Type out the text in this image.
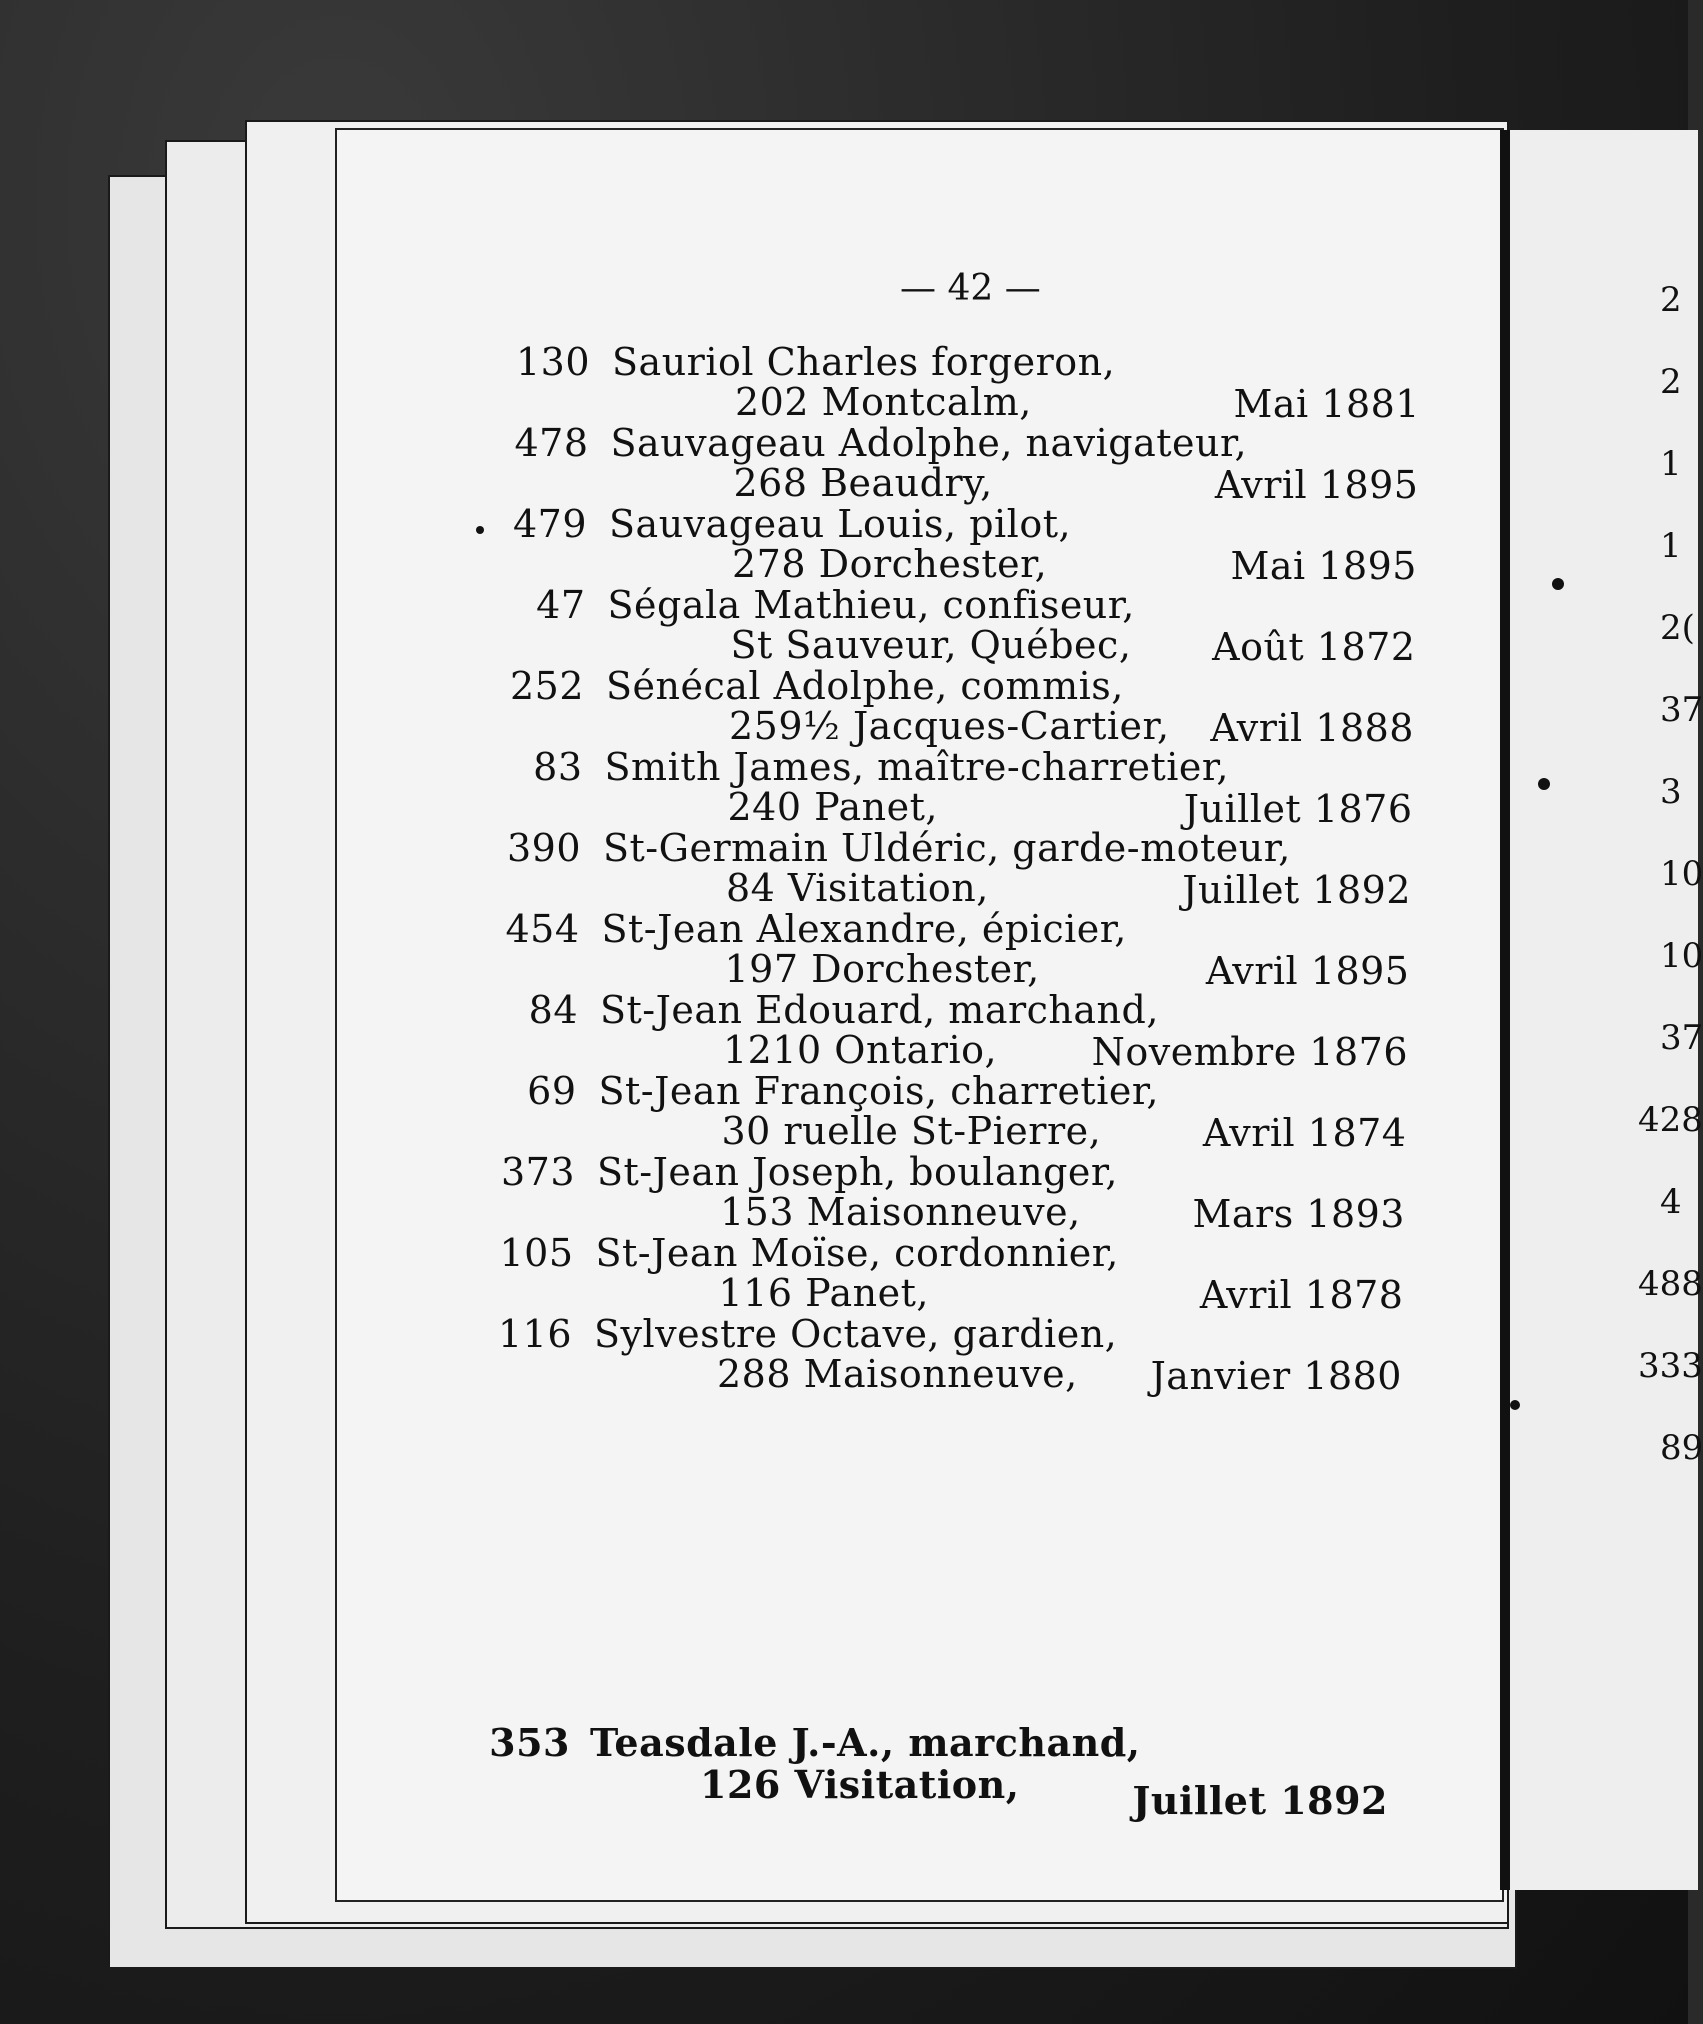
2
2
1
1
2(
37
3
10
10
37
428
4
488
333
89
— 42 —
130 Sauriol Charles forgeron,
202 Montcalm,	Mai 1881
478 Sauvageau Adolphe, navigateur,
268 Beaudry,	Avril 1895
479 Sauvageau Louis, pilot,
278 Dorchester,	Mai 1895
47 Ségala Mathieu, confiseur,
St Sauveur, Québec,	Août 1872
252 Sénécal Adolphe, commis,
259½ Jacques-Cartier,	Avril 1888
83 Smith James, maître-charretier,
240 Panet,	Juillet 1876
390 St-Germain Uldéric, garde-moteur,
84 Visitation,	Juillet 1892
454 St-Jean Alexandre, épicier,
197 Dorchester,	Avril 1895
84 St-Jean Edouard, marchand,
1210 Ontario, Novembre 1876
69 St-Jean François, charretier,
30 ruelle St-Pierre,	Avril 1874
373 St-Jean Joseph, boulanger,
153 Maisonneuve,	Mars 1893
105 St-Jean Moïse, cordonnier,
116 Panet,	Avril 1878
116 Sylvestre Octave, gardien,
288 Maisonneuve,	Janvier 1880
353 Teasdale J.-A., marchand,
126 Visitation,	Juillet 1892
